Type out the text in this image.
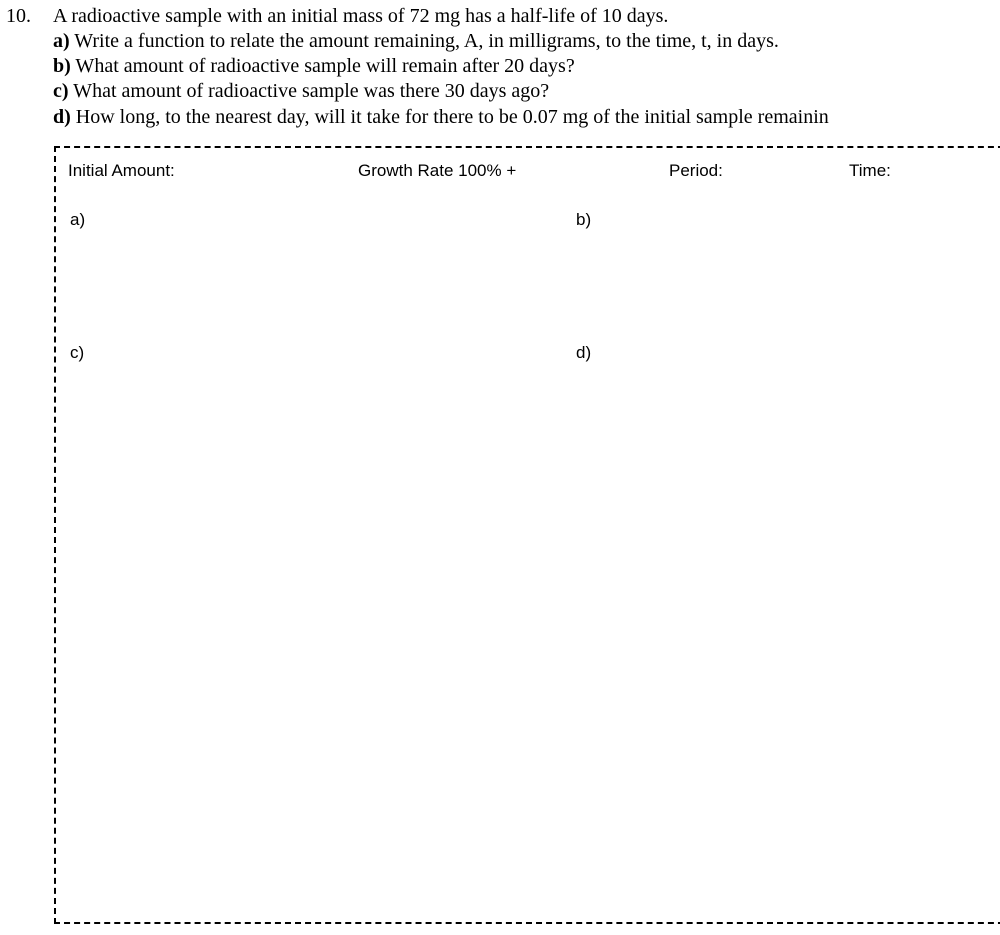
10. A radioactive sample with an initial mass of 72 mg has a half-life of 10 days.
a) Write a function to relate the amount remaining, A, in milligrams, to the time, t, in days.
b) What amount of radioactive sample will remain after 20 days?
c) What amount of radioactive sample was there 30 days ago?
d) How long, to the nearest day, will it take for there to be 0.07 mg of the initial sample remainin
Initial Amount:	Growth Rate 100% +	Period:	Time:
a)	b)
c)	d)
